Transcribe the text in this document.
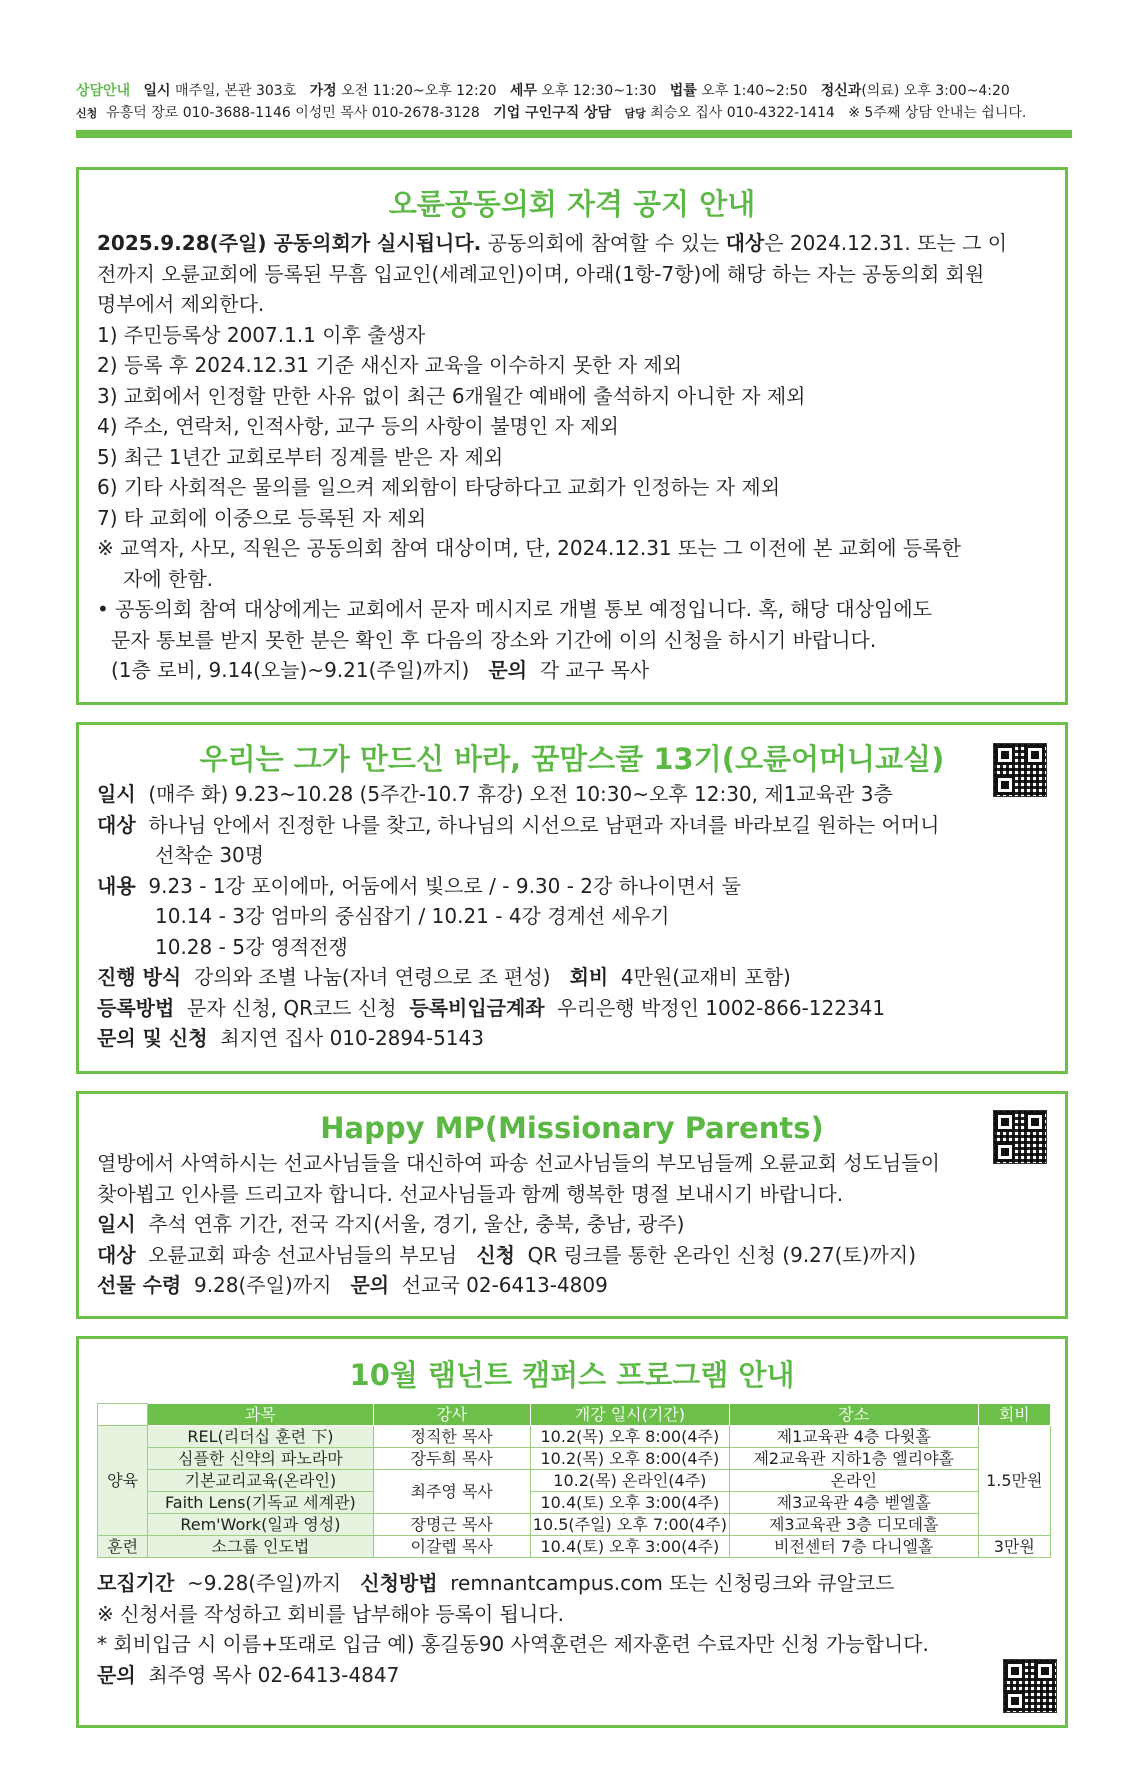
상담안내 일시 매주일, 본관 303호 가정 오전 11:20~오후 12:20 세무 오후 12:30~1:30 법률 오후 1:40~2:50 정신과(의료) 오후 3:00~4:20
신청 유흥덕 장로 010-3688-1146 이성민 목사 010-2678-3128 기업 구인구직 상담 담당 최승오 집사 010-4322-1414 ※ 5주째 상담 안내는 쉽니다.
오륜공동의회 자격 공지 안내
2025.9.28(주일) 공동의회가 실시됩니다. 공동의회에 참여할 수 있는 대상은 2024.12.31. 또는 그 이
전까지 오륜교회에 등록된 무흠 입교인(세례교인)이며, 아래(1항-7항)에 해당 하는 자는 공동의회 회원
명부에서 제외한다.
1) 주민등록상 2007.1.1 이후 출생자
2) 등록 후 2024.12.31 기준 새신자 교육을 이수하지 못한 자 제외
3) 교회에서 인정할 만한 사유 없이 최근 6개월간 예배에 출석하지 아니한 자 제외
4) 주소, 연락처, 인적사항, 교구 등의 사항이 불명인 자 제외
5) 최근 1년간 교회로부터 징계를 받은 자 제외
6) 기타 사회적은 물의를 일으켜 제외함이 타당하다고 교회가 인정하는 자 제외
7) 타 교회에 이중으로 등록된 자 제외
※ 교역자, 사모, 직원은 공동의회 참여 대상이며, 단, 2024.12.31 또는 그 이전에 본 교회에 등록한
자에 한함.
• 공동의회 참여 대상에게는 교회에서 문자 메시지로 개별 통보 예정입니다. 혹, 해당 대상임에도
문자 통보를 받지 못한 분은 확인 후 다음의 장소와 기간에 이의 신청을 하시기 바랍니다.
(1층 로비, 9.14(오늘)~9.21(주일)까지) 문의 각 교구 목사
우리는 그가 만드신 바라, 꿈맘스쿨 13기(오륜어머니교실)
일시 (매주 화) 9.23~10.28 (5주간-10.7 휴강) 오전 10:30~오후 12:30, 제1교육관 3층
대상 하나님 안에서 진정한 나를 찾고, 하나님의 시선으로 남편과 자녀를 바라보길 원하는 어머니
선착순 30명
내용 9.23 - 1강 포이에마, 어둠에서 빛으로 / - 9.30 - 2강 하나이면서 둘
10.14 - 3강 엄마의 중심잡기 / 10.21 - 4강 경계선 세우기
10.28 - 5강 영적전쟁
진행 방식 강의와 조별 나눔(자녀 연령으로 조 편성) 회비 4만원(교재비 포함)
등록방법 문자 신청, QR코드 신청 등록비입금계좌 우리은행 박정인 1002-866-122341
문의 및 신청 최지연 집사 010-2894-5143
Happy MP(Missionary Parents)
열방에서 사역하시는 선교사님들을 대신하여 파송 선교사님들의 부모님들께 오륜교회 성도님들이
찾아뵙고 인사를 드리고자 합니다. 선교사님들과 함께 행복한 명절 보내시기 바랍니다.
일시 추석 연휴 기간, 전국 각지(서울, 경기, 울산, 충북, 충남, 광주)
대상 오륜교회 파송 선교사님들의 부모님 신청 QR 링크를 통한 온라인 신청 (9.27(토)까지)
선물 수령 9.28(주일)까지 문의 선교국 02-6413-4809
10월 램넌트 캠퍼스 프로그램 안내
	과목	강사	개강 일시(기간)	장소	회비
양육	REL(리더십 훈련 下)	정직한 목사	10.2(목) 오후 8:00(4주)	제1교육관 4층 다윗홀	1.5만원
	심플한 신약의 파노라마	장두희 목사	10.2(목) 오후 8:00(4주)	제2교육관 지하1층 엘리야홀	
	기본교리교육(온라인)	최주영 목사	10.2(목) 온라인(4주)	온라인	
	Faith Lens(기독교 세계관)		10.4(토) 오후 3:00(4주)	제3교육관 4층 벧엘홀	
	Rem'Work(일과 영성)	장명근 목사	10.5(주일) 오후 7:00(4주)	제3교육관 3층 디모데홀	
훈련	소그룹 인도법	이갈렙 목사	10.4(토) 오후 3:00(4주)	비전센터 7층 다니엘홀	3만원
모집기간 ~9.28(주일)까지 신청방법 remnantcampus.com 또는 신청링크와 큐알코드
※ 신청서를 작성하고 회비를 납부해야 등록이 됩니다.
* 회비입금 시 이름+또래로 입금 예) 홍길동90 사역훈련은 제자훈련 수료자만 신청 가능합니다.
문의 최주영 목사 02-6413-4847
